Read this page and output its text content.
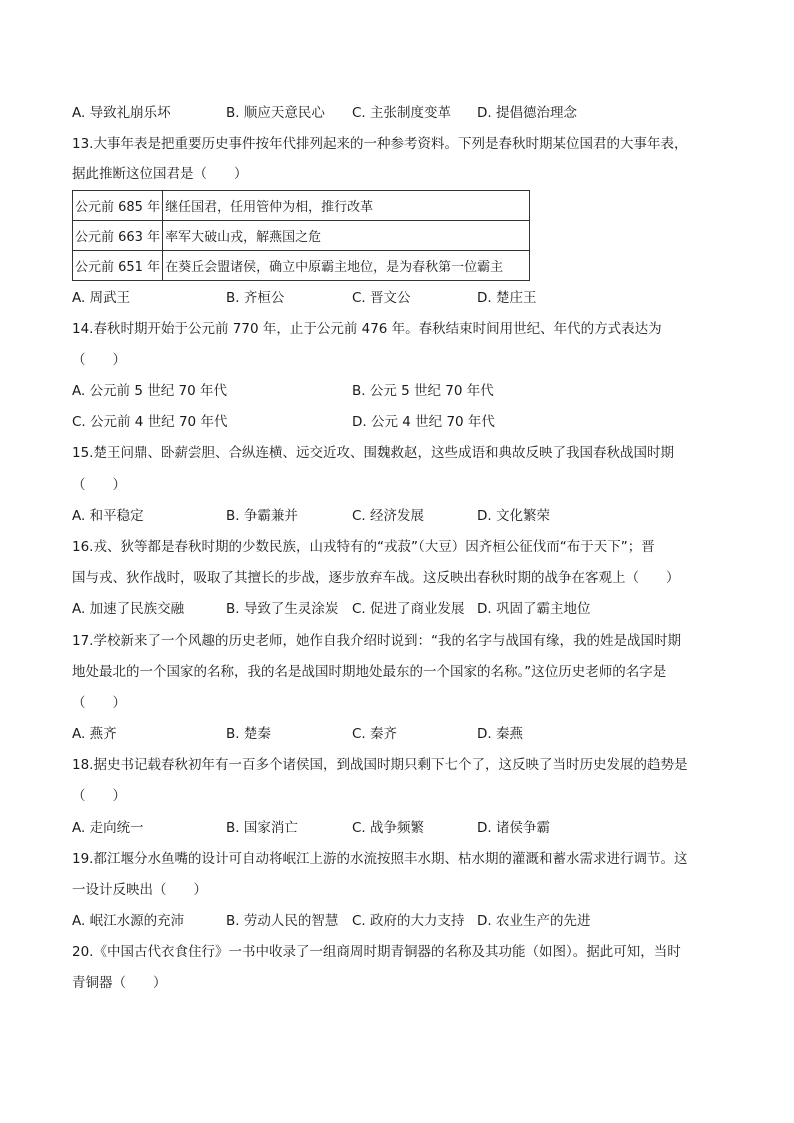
A. 导致礼崩乐坏	B. 顺应天意民心 C. 主张制度变革 D. 提倡德治理念
13.大事年表是把重要历史事件按年代排列起来的一种参考资料。下列是春秋时期某位国君的大事年表，
据此推断这位国君是（　　）
公元前 685 年	继任国君，任用管仲为相，推行改革
公元前 663 年	率军大破山戎，解燕国之危
公元前 651 年	在葵丘会盟诸侯，确立中原霸主地位，是为春秋第一位霸主
A. 周武王	B. 齐桓公	C. 晋文公	D. 楚庄王
14.春秋时期开始于公元前 770 年，止于公元前 476 年。春秋结束时间用世纪、年代的方式表达为
（　　）
A. 公元前 5 世纪 70 年代	B. 公元 5 世纪 70 年代
C. 公元前 4 世纪 70 年代	D. 公元 4 世纪 70 年代
15.楚王问鼎、卧薪尝胆、合纵连横、远交近攻、围魏救赵，这些成语和典故反映了我国春秋战国时期
（　　）
A. 和平稳定	B. 争霸兼并	C. 经济发展	D. 文化繁荣
16.戎、狄等都是春秋时期的少数民族，山戎特有的“戎菽”（大豆）因齐桓公征伐而“布于天下”；晋
国与戎、狄作战时，吸取了其擅长的步战，逐步放弃车战。这反映出春秋时期的战争在客观上（　　）
A. 加速了民族交融	B. 导致了生灵涂炭 C. 促进了商业发展 D. 巩固了霸主地位
17.学校新来了一个风趣的历史老师，她作自我介绍时说到：“我的名字与战国有缘，我的姓是战国时期
地处最北的一个国家的名称，我的名是战国时期地处最东的一个国家的名称。”这位历史老师的名字是
（　　）
A. 燕齐	B. 楚秦	C. 秦齐	D. 秦燕
18.据史书记载春秋初年有一百多个诸侯国，到战国时期只剩下七个了，这反映了当时历史发展的趋势是
（　　）
A. 走向统一	B. 国家消亡	C. 战争频繁	D. 诸侯争霸
19.都江堰分水鱼嘴的设计可自动将岷江上游的水流按照丰水期、枯水期的灌溉和蓄水需求进行调节。这
一设计反映出（　　）
A. 岷江水源的充沛	B. 劳动人民的智慧 C. 政府的大力支持 D. 农业生产的先进
20.《中国古代衣食住行》一书中收录了一组商周时期青铜器的名称及其功能（如图）。据此可知，当时
青铜器（　　）
